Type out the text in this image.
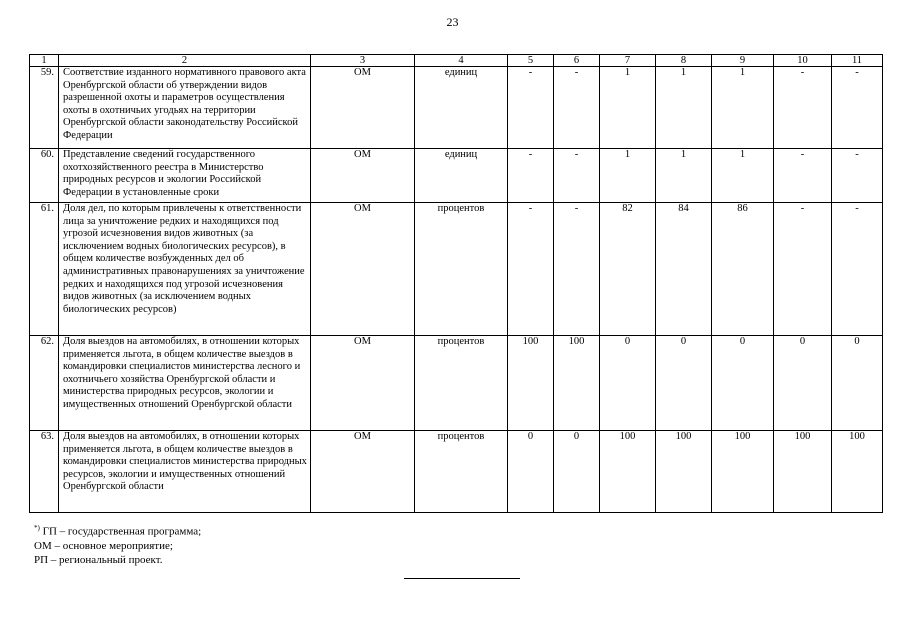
23
1	2	3	4	5	6	7	8	9	10	11
59.	Соответствие изданного нормативного правового акта Оренбургской области об утверждении видов разрешенной охоты и параметров осуществления охоты в охотничьих угодьях на территории Оренбургской области законодательству Российской Федерации	ОМ	единиц	-	-	1	1	1	-	-
60.	Представление сведений государственного охотхозяйственного реестра в Министерство природных ресурсов и экологии Российской Федерации в установленные сроки	ОМ	единиц	-	-	1	1	1	-	-
61.	Доля дел, по которым привлечены к ответственности лица за уничтожение редких и находящихся под угрозой исчезновения видов животных (за исключением водных биологических ресурсов), в общем количестве возбужденных дел об административных правонарушениях за уничтожение редких и находящихся под угрозой исчезновения видов животных (за исключением водных биологических ресурсов)	ОМ	процентов	-	-	82	84	86	-	-
62.	Доля выездов на автомобилях, в отношении которых применяется льгота, в общем количестве выездов в командировки специалистов министерства лесного и охотничьего хозяйства Оренбургской области и министерства природных ресурсов, экологии и имущественных отношений Оренбургской области	ОМ	процентов	100	100	0	0	0	0	0
63.	Доля выездов на автомобилях, в отношении которых применяется льгота, в общем количестве выездов в командировки специалистов министерства природных ресурсов, экологии и имущественных отношений Оренбургской области	ОМ	процентов	0	0	100	100	100	100	100
*) ГП – государственная программа;
ОМ – основное мероприятие;
РП – региональный проект.
